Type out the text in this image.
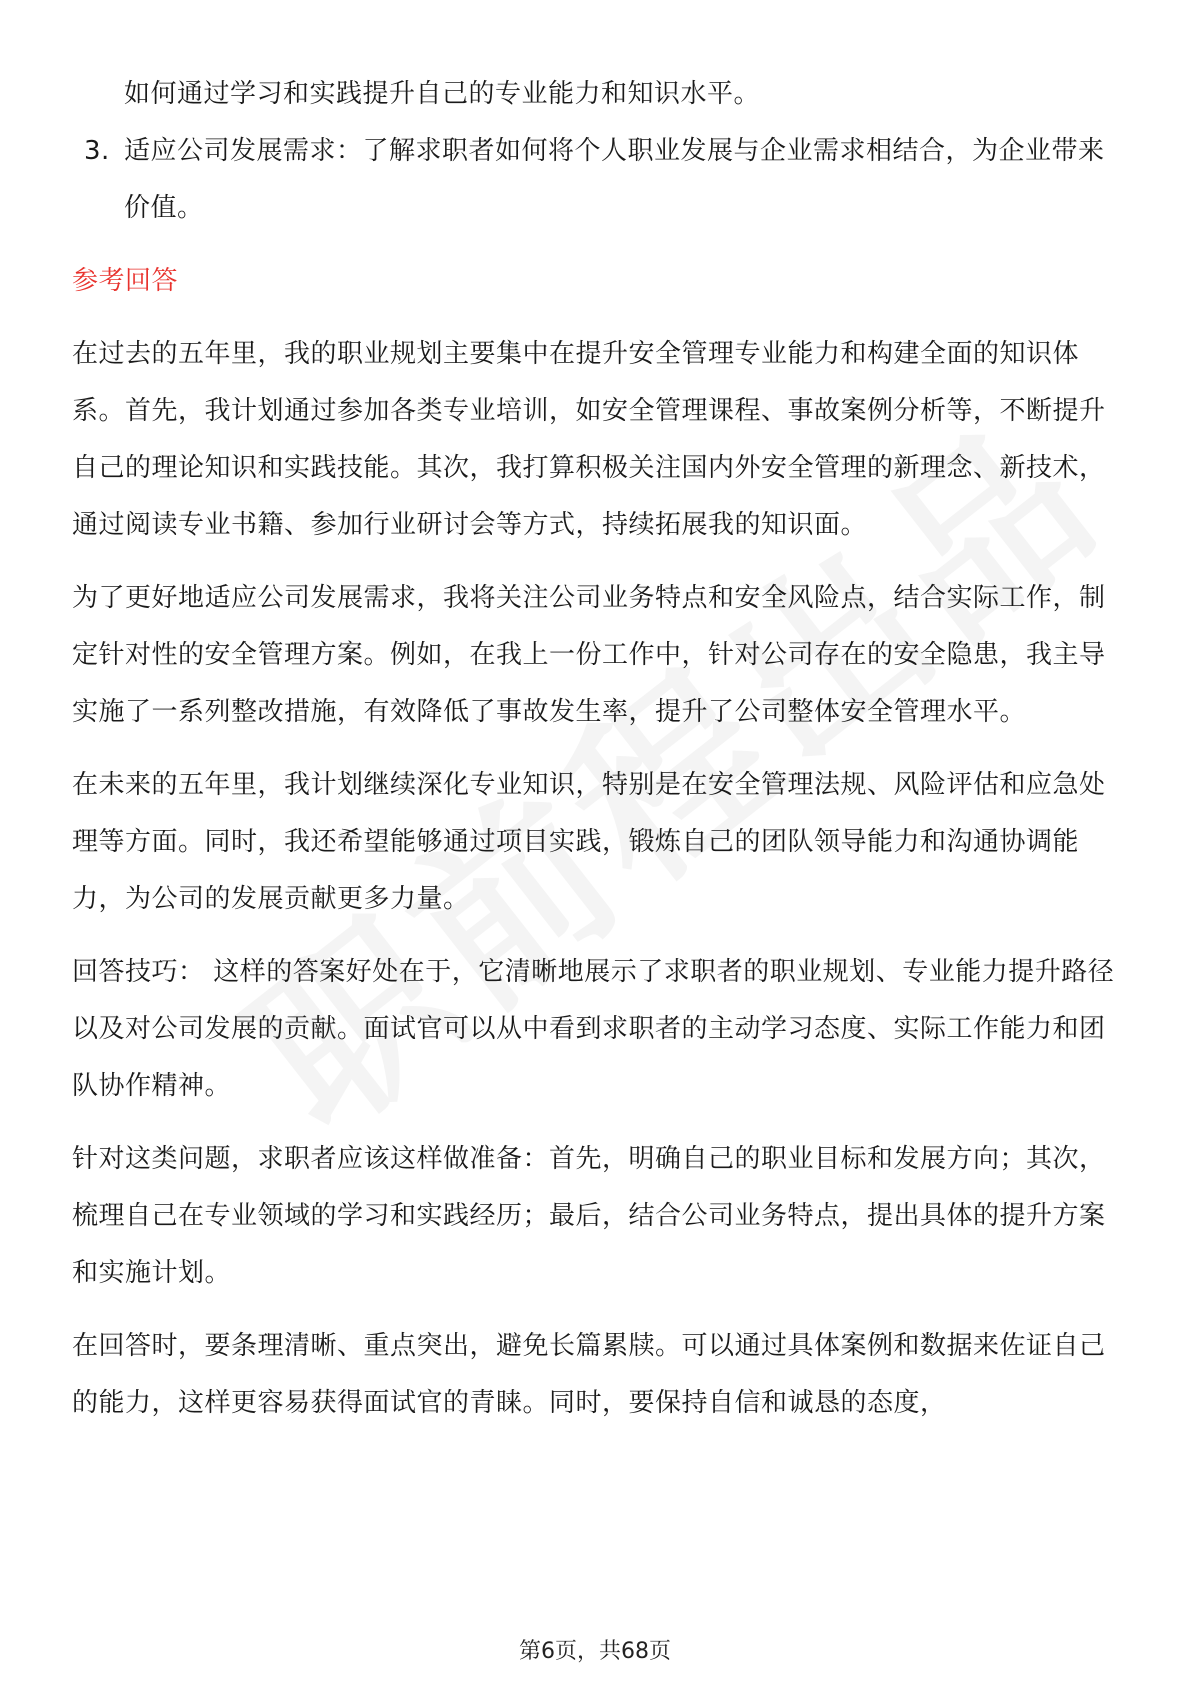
如何通过学习和实践提升自己的专业能力和知识水平。
3. 适应公司发展需求：了解求职者如何将个人职业发展与企业需求相结合，为企业带来价值。
参考回答
在过去的五年里，我的职业规划主要集中在提升安全管理专业能力和构建全面的知识体系。首先，我计划通过参加各类专业培训，如安全管理课程、事故案例分析等，不断提升自己的理论知识和实践技能。其次，我打算积极关注国内外安全管理的新理念、新技术，通过阅读专业书籍、参加行业研讨会等方式，持续拓展我的知识面。
为了更好地适应公司发展需求，我将关注公司业务特点和安全风险点，结合实际工作，制定针对性的安全管理方案。例如，在我上一份工作中，针对公司存在的安全隐患，我主导实施了一系列整改措施，有效降低了事故发生率，提升了公司整体安全管理水平。
在未来的五年里，我计划继续深化专业知识，特别是在安全管理法规、风险评估和应急处理等方面。同时，我还希望能够通过项目实践，锻炼自己的团队领导能力和沟通协调能力，为公司的发展贡献更多力量。
回答技巧： 这样的答案好处在于，它清晰地展示了求职者的职业规划、专业能力提升路径以及对公司发展的贡献。面试官可以从中看到求职者的主动学习态度、实际工作能力和团队协作精神。
针对这类问题，求职者应该这样做准备：首先，明确自己的职业目标和发展方向；其次，梳理自己在专业领域的学习和实践经历；最后，结合公司业务特点，提出具体的提升方案和实施计划。
在回答时，要条理清晰、重点突出，避免长篇累牍。可以通过具体案例和数据来佐证自己的能力，这样更容易获得面试官的青睐。同时，要保持自信和诚恳的态度，
第6页，共68页
